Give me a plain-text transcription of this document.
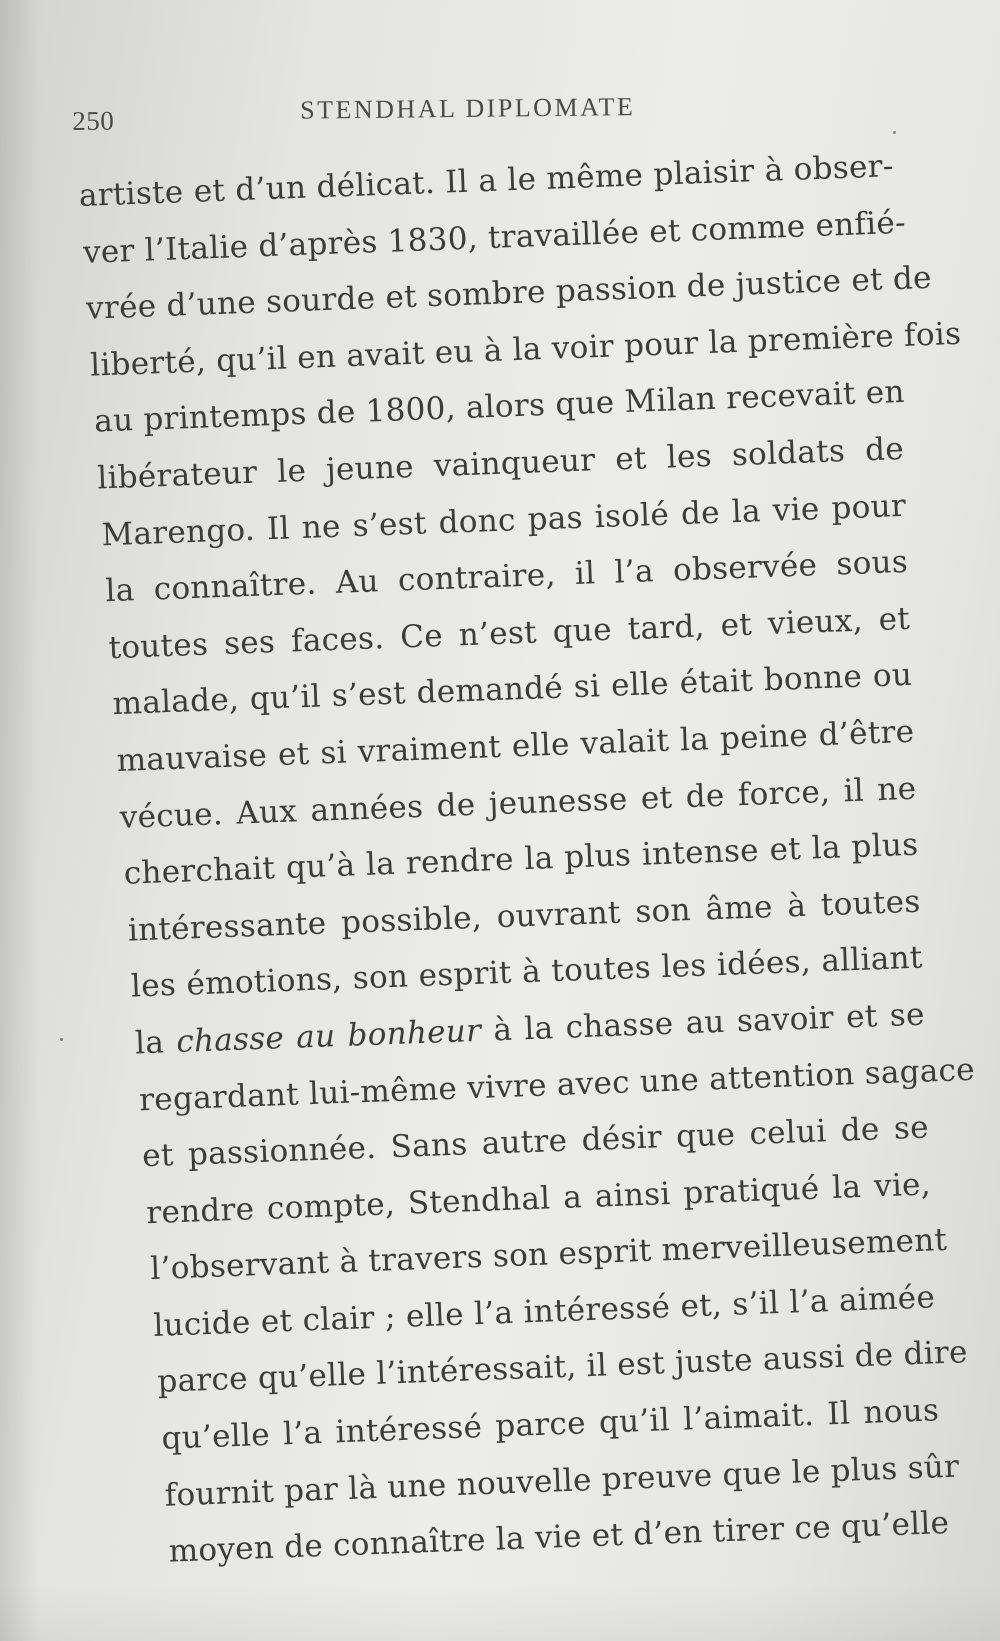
250	STENDHAL DIPLOMATE
artiste et d’un délicat. Il a le même plaisir à obser-
ver l’Italie d’après 1830, travaillée et comme enfié-
vrée d’une sourde et sombre passion de justice et de
liberté, qu’il en avait eu à la voir pour la première fois
au printemps de 1800, alors que Milan recevait en
libérateur le jeune vainqueur et les soldats de
Marengo. Il ne s’est donc pas isolé de la vie pour
la connaître. Au contraire, il l’a observée sous
toutes ses faces. Ce n’est que tard, et vieux, et
malade, qu’il s’est demandé si elle était bonne ou
mauvaise et si vraiment elle valait la peine d’être
vécue. Aux années de jeunesse et de force, il ne
cherchait qu’à la rendre la plus intense et la plus
intéressante possible, ouvrant son âme à toutes
les émotions, son esprit à toutes les idées, alliant
la chasse au bonheur à la chasse au savoir et se
regardant lui-même vivre avec une attention sagace
et passionnée. Sans autre désir que celui de se
rendre compte, Stendhal a ainsi pratiqué la vie,
l’observant à travers son esprit merveilleusement
lucide et clair ; elle l’a intéressé et, s’il l’a aimée
parce qu’elle l’intéressait, il est juste aussi de dire
qu’elle l’a intéressé parce qu’il l’aimait. Il nous
fournit par là une nouvelle preuve que le plus sûr
moyen de connaître la vie et d’en tirer ce qu’elle
